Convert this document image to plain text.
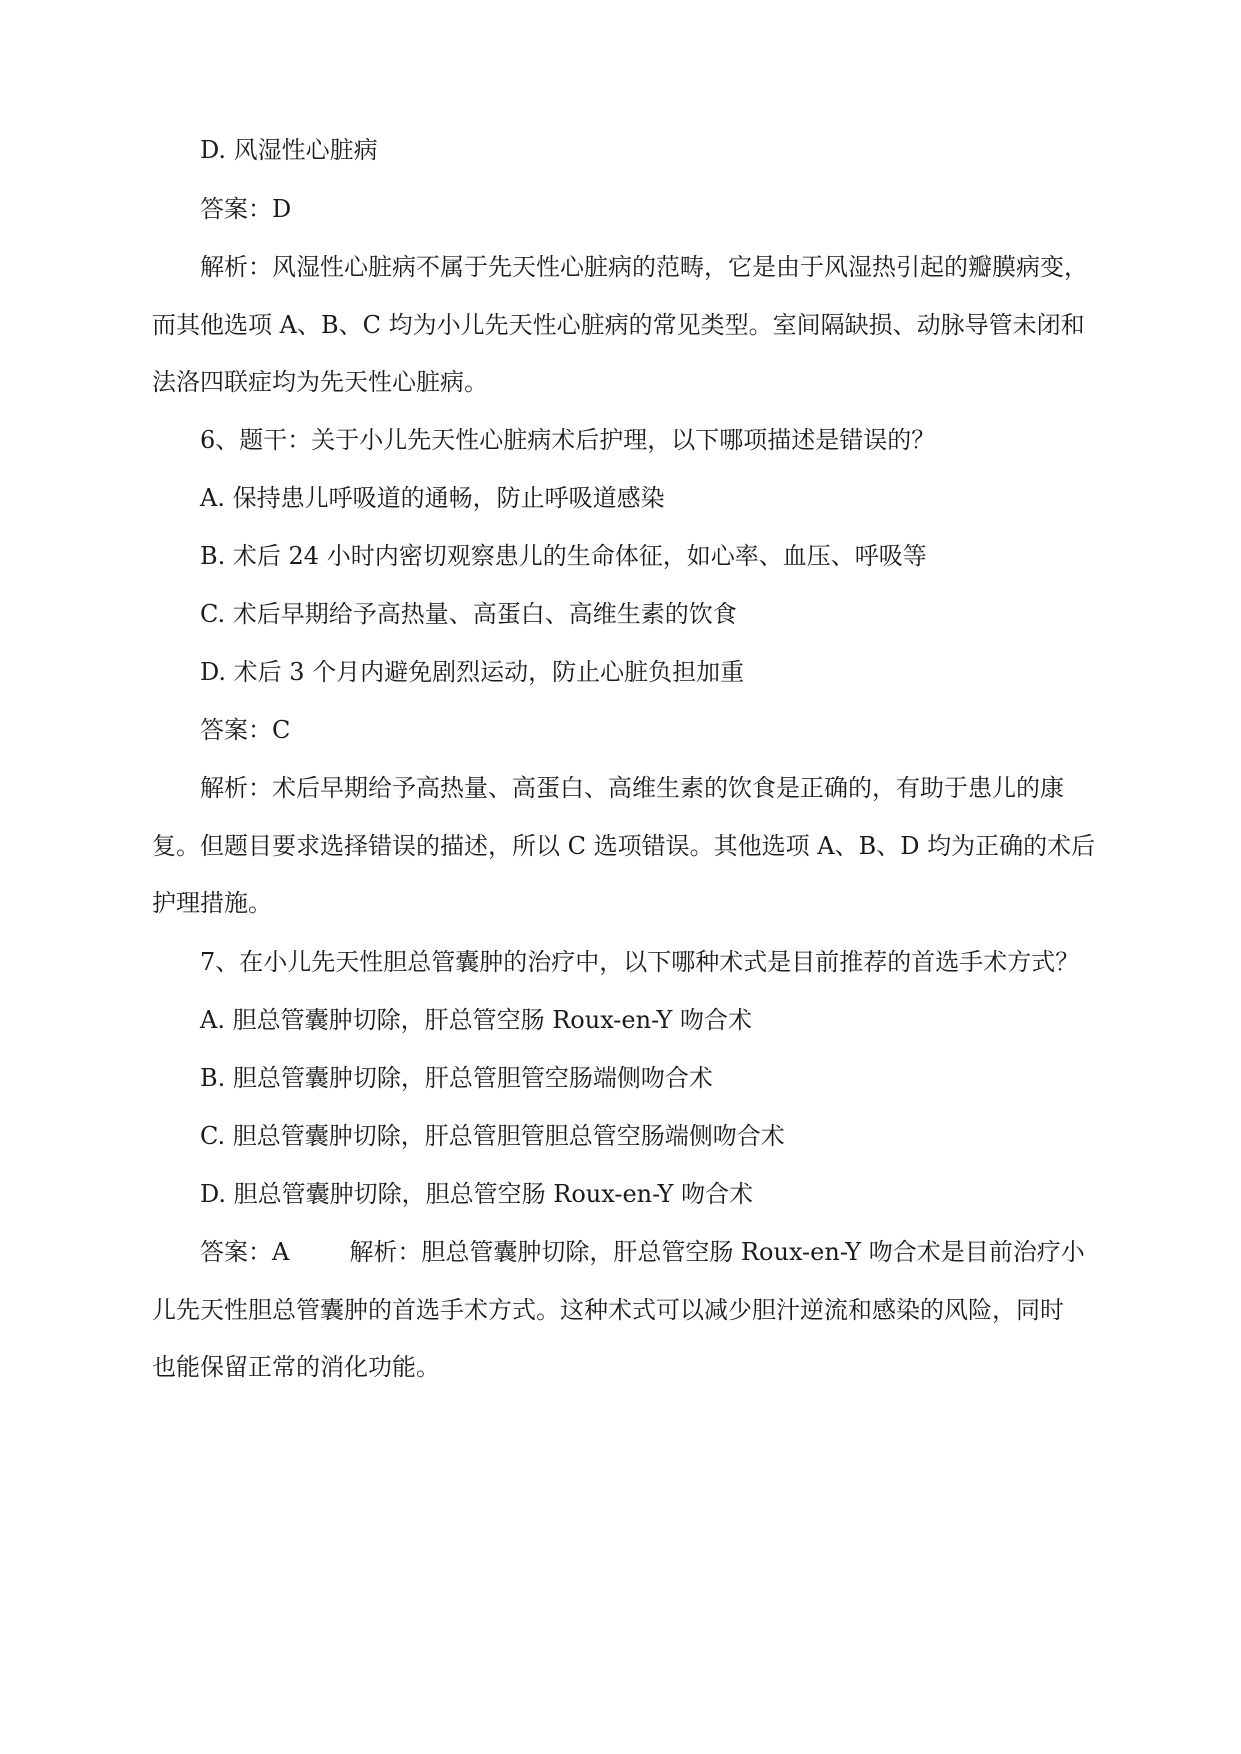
D. 风湿性心脏病
答案：D
解析：风湿性心脏病不属于先天性心脏病的范畴，它是由于风湿热引起的瓣膜病变，
而其他选项 A、B、C 均为小儿先天性心脏病的常见类型。室间隔缺损、动脉导管未闭和
法洛四联症均为先天性心脏病。
6、题干：关于小儿先天性心脏病术后护理，以下哪项描述是错误的？
A. 保持患儿呼吸道的通畅，防止呼吸道感染
B. 术后 24 小时内密切观察患儿的生命体征，如心率、血压、呼吸等
C. 术后早期给予高热量、高蛋白、高维生素的饮食
D. 术后 3 个月内避免剧烈运动，防止心脏负担加重
答案：C
解析：术后早期给予高热量、高蛋白、高维生素的饮食是正确的，有助于患儿的康
复。但题目要求选择错误的描述，所以 C 选项错误。其他选项 A、B、D 均为正确的术后
护理措施。
7、在小儿先天性胆总管囊肿的治疗中，以下哪种术式是目前推荐的首选手术方式？
A. 胆总管囊肿切除，肝总管空肠 Roux-en-Y 吻合术
B. 胆总管囊肿切除，肝总管胆管空肠端侧吻合术
C. 胆总管囊肿切除，肝总管胆管胆总管空肠端侧吻合术
D. 胆总管囊肿切除，胆总管空肠 Roux-en-Y 吻合术
答案：A	解析：胆总管囊肿切除，肝总管空肠 Roux-en-Y 吻合术是目前治疗小
儿先天性胆总管囊肿的首选手术方式。这种术式可以减少胆汁逆流和感染的风险，同时
也能保留正常的消化功能。
